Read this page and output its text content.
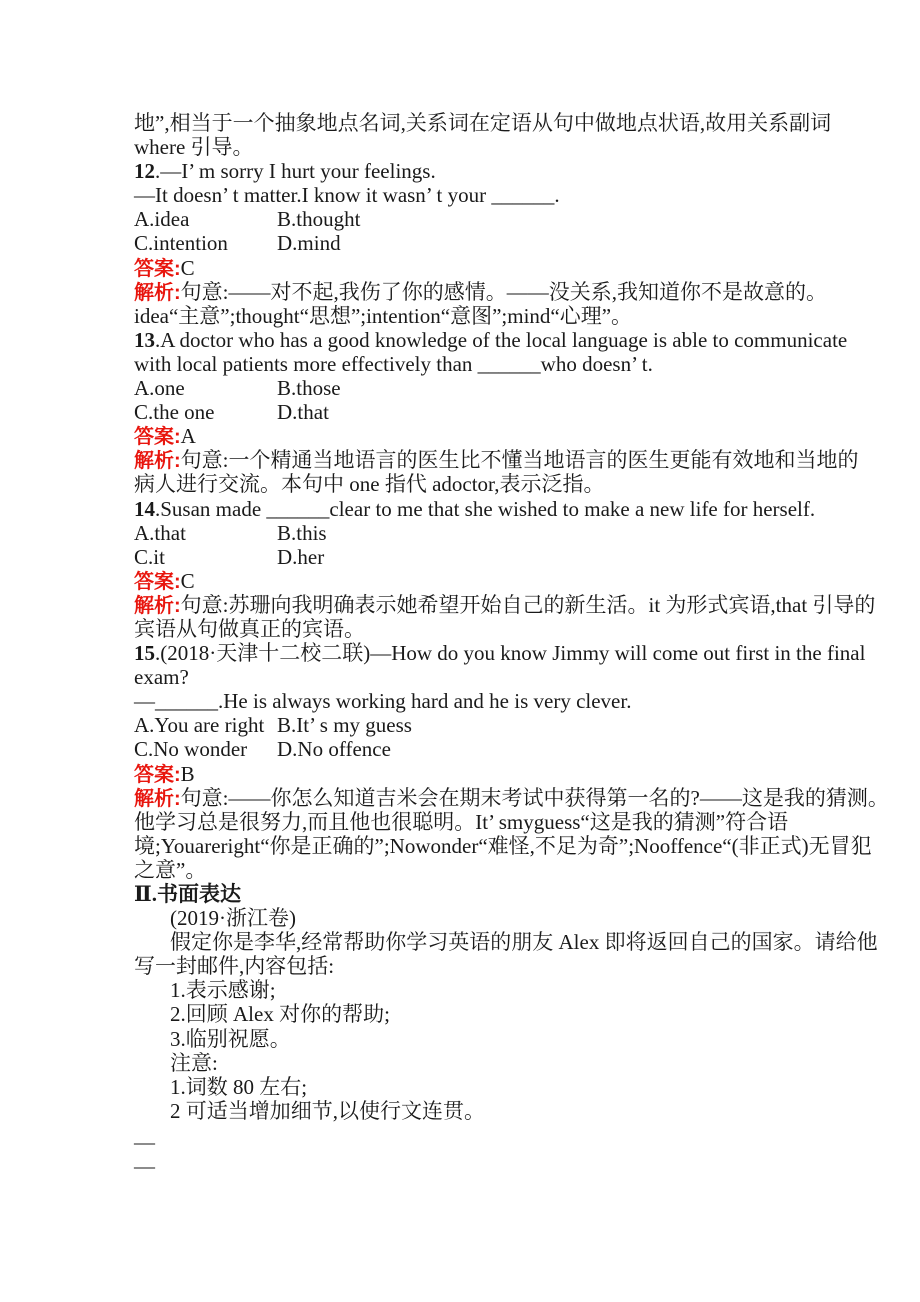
地”,相当于一个抽象地点名词,关系词在定语从句中做地点状语,故用关系副词
where 引导。
12.—I’ m sorry I hurt your feelings.
—It doesn’ t matter.I know it wasn’ t your ______.
A.idea	B.thought
C.intention D.mind
答案:C
解析:句意:——对不起,我伤了你的感情。——没关系,我知道你不是故意的。
idea“主意”;thought“思想”;intention“意图”;mind“心理”。
13.A doctor who has a good knowledge of the local language is able to communicate
with local patients more effectively than ______who doesn’ t.
A.one	B.those
C.the one	D.that
答案:A
解析:句意:一个精通当地语言的医生比不懂当地语言的医生更能有效地和当地的
病人进行交流。本句中 one 指代 adoctor,表示泛指。
14.Susan made ______clear to me that she wished to make a new life for herself.
A.that	B.this
C.it	D.her
答案:C
解析:句意:苏珊向我明确表示她希望开始自己的新生活。it 为形式宾语,that 引导的
宾语从句做真正的宾语。
15.(2018·天津十二校二联)—How do you know Jimmy will come out first in the final
exam?
—______.He is always working hard and he is very clever.
A.You are right B.It’ s my guess
C.No wonder D.No offence
答案:B
解析:句意:——你怎么知道吉米会在期末考试中获得第一名的?——这是我的猜测。
他学习总是很努力,而且他也很聪明。It’ smyguess“这是我的猜测”符合语
境;Youareright“你是正确的”;Nowonder“难怪,不足为奇”;Nooffence“(非正式)无冒犯
之意”。
Ⅱ.书面表达
(2019·浙江卷)
假定你是李华,经常帮助你学习英语的朋友 Alex 即将返回自己的国家。请给他
写一封邮件,内容包括:
1.表示感谢;
2.回顾 Alex 对你的帮助;
3.临别祝愿。
注意:
1.词数 80 左右;
2 可适当增加细节,以使行文连贯。
—
—
